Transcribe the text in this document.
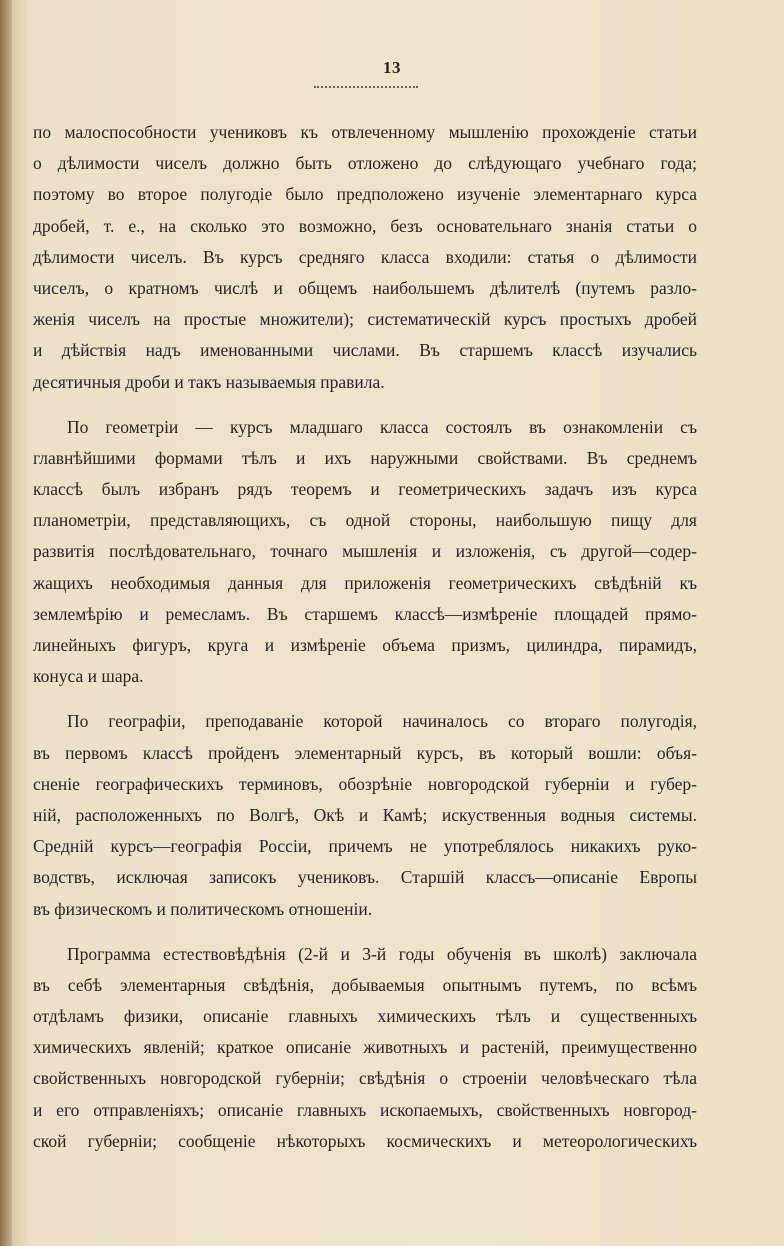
13

по малоспособности учениковъ къ отвлеченному мышленію прохожденіе статьи

о дѣлимости чиселъ должно быть отложено до слѣдующаго учебнаго года;

поэтому во второе полугодіе было предположено изученіе элементарнаго курса

дробей, т. е., на сколько это возможно, безъ основательнаго знанія статьи о

дѣлимости чиселъ. Въ курсъ средняго класса входили: статья о дѣлимости

чиселъ, о кратномъ числѣ и общемъ наибольшемъ дѣлителѣ (путемъ разло-

женія чиселъ на простые множители); систематическій курсъ простыхъ дробей

и дѣйствія надъ именованными числами. Въ старшемъ классѣ изучались

десятичныя дроби и такъ называемыя правила.

По геометріи — курсъ младшаго класса состоялъ въ ознакомленіи съ

главнѣйшими формами тѣлъ и ихъ наружными свойствами. Въ среднемъ

классѣ былъ избранъ рядъ теоремъ и геометрическихъ задачъ изъ курса

планометріи, представляющихъ, съ одной стороны, наибольшую пищу для

развитія послѣдовательнаго, точнаго мышленія и изложенія, съ другой—содер-

жащихъ необходимыя данныя для приложенія геометрическихъ свѣдѣній къ

землемѣрію и ремесламъ. Въ старшемъ классѣ—измѣреніе площадей прямо-

линейныхъ фигуръ, круга и измѣреніе объема призмъ, цилиндра, пирамидъ,

конуса и шара.

По географіи, преподаваніе которой начиналось со втораго полугодія,

въ первомъ классѣ пройденъ элементарный курсъ, въ который вошли: объя-

сненіе географическихъ терминовъ, обозрѣніе новгородской губерніи и губер-

ній, расположенныхъ по Волгѣ, Окѣ и Камѣ; искуственныя водныя системы.

Средній курсъ—географія Россіи, причемъ не употреблялось никакихъ руко-

водствъ, исключая записокъ учениковъ. Старшій классъ—описаніе Европы

въ физическомъ и политическомъ отношеніи.

Программа естествовѣдѣнія (2-й и 3-й годы обученія въ школѣ) заключала

въ себѣ элементарныя свѣдѣнія, добываемыя опытнымъ путемъ, по всѣмъ

отдѣламъ физики, описаніе главныхъ химическихъ тѣлъ и существенныхъ

химическихъ явленій; краткое описаніе животныхъ и растеній, преимущественно

свойственныхъ новгородской губерніи; свѣдѣнія о строеніи человѣческаго тѣла

и его отправленіяхъ; описаніе главныхъ ископаемыхъ, свойственныхъ новгород-

ской губерніи; сообщеніе нѣкоторыхъ космическихъ и метеорологическихъ
